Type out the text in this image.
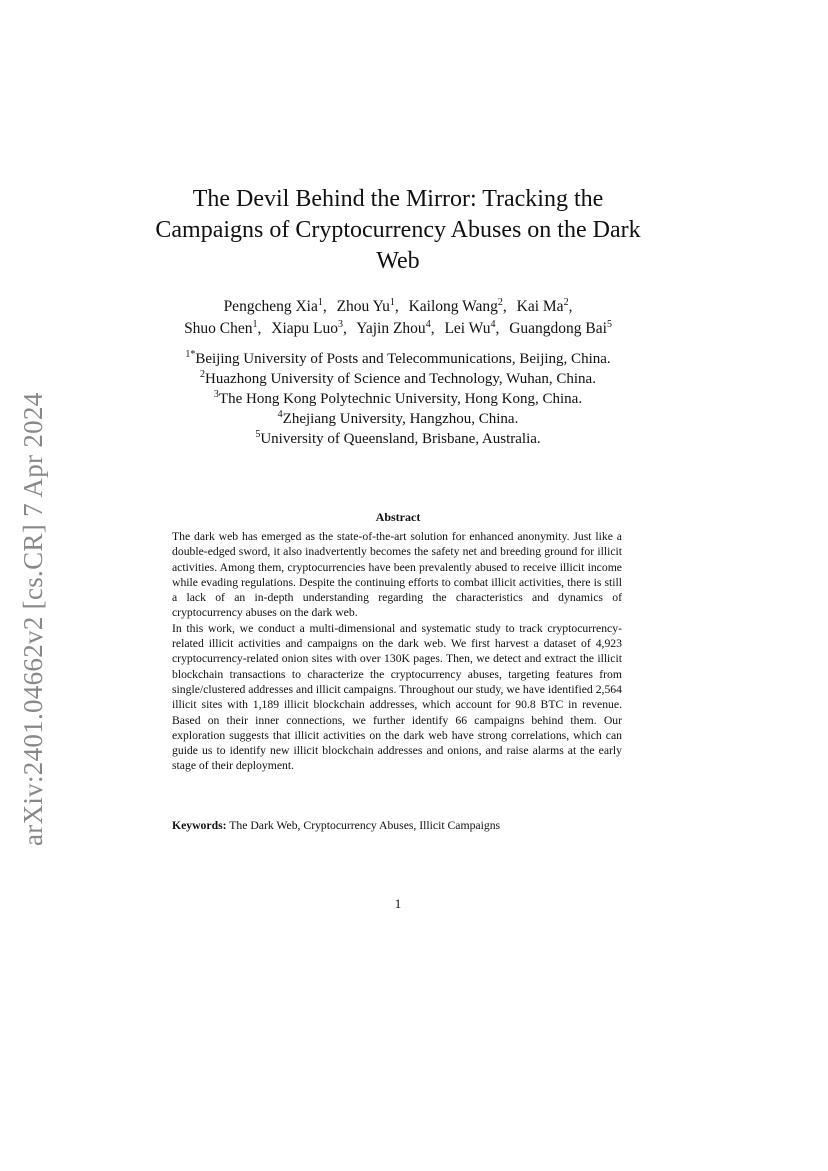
arXiv:2401.04662v2 [cs.CR] 7 Apr 2024
The Devil Behind the Mirror: Tracking the
Campaigns of Cryptocurrency Abuses on the Dark
Web
Pengcheng Xia$^1$, Zhou Yu$^1$, Kailong Wang$^2$, Kai Ma$^2$,
Shuo Chen$^1$, Xiapu Luo$^3$, Yajin Zhou$^4$, Lei Wu$^4$, Guangdong Bai$^5$
$^{1*}$Beijing University of Posts and Telecommunications, Beijing, China.
$^2$Huazhong University of Science and Technology, Wuhan, China.
$^3$The Hong Kong Polytechnic University, Hong Kong, China.
$^4$Zhejiang University, Hangzhou, China.
$^5$University of Queensland, Brisbane, Australia.
Abstract

The dark web has emerged as the state-of-the-art solution for enhanced anonymity. Just like a double-edged sword, it also inadvertently becomes the safety net and breeding ground for illicit activities. Among them, cryptocurrencies have been prevalently abused to receive illicit income while evading regulations. Despite the continuing efforts to combat illicit activities, there is still a lack of an in-depth understanding regarding the characteristics and dynamics of cryptocurrency abuses on the dark web.

In this work, we conduct a multi-dimensional and systematic study to track cryptocurrency-related illicit activities and campaigns on the dark web. We first harvest a dataset of 4,923 cryptocurrency-related onion sites with over 130K pages. Then, we detect and extract the illicit blockchain transactions to characterize the cryptocurrency abuses, targeting features from single/clustered addresses and illicit campaigns. Throughout our study, we have identified 2,564 illicit sites with 1,189 illicit blockchain addresses, which account for 90.8 BTC in revenue. Based on their inner connections, we further identify 66 campaigns behind them. Our exploration suggests that illicit activities on the dark web have strong correlations, which can guide us to identify new illicit blockchain addresses and onions, and raise alarms at the early stage of their deployment.

Keywords: The Dark Web, Cryptocurrency Abuses, Illicit Campaigns
1
